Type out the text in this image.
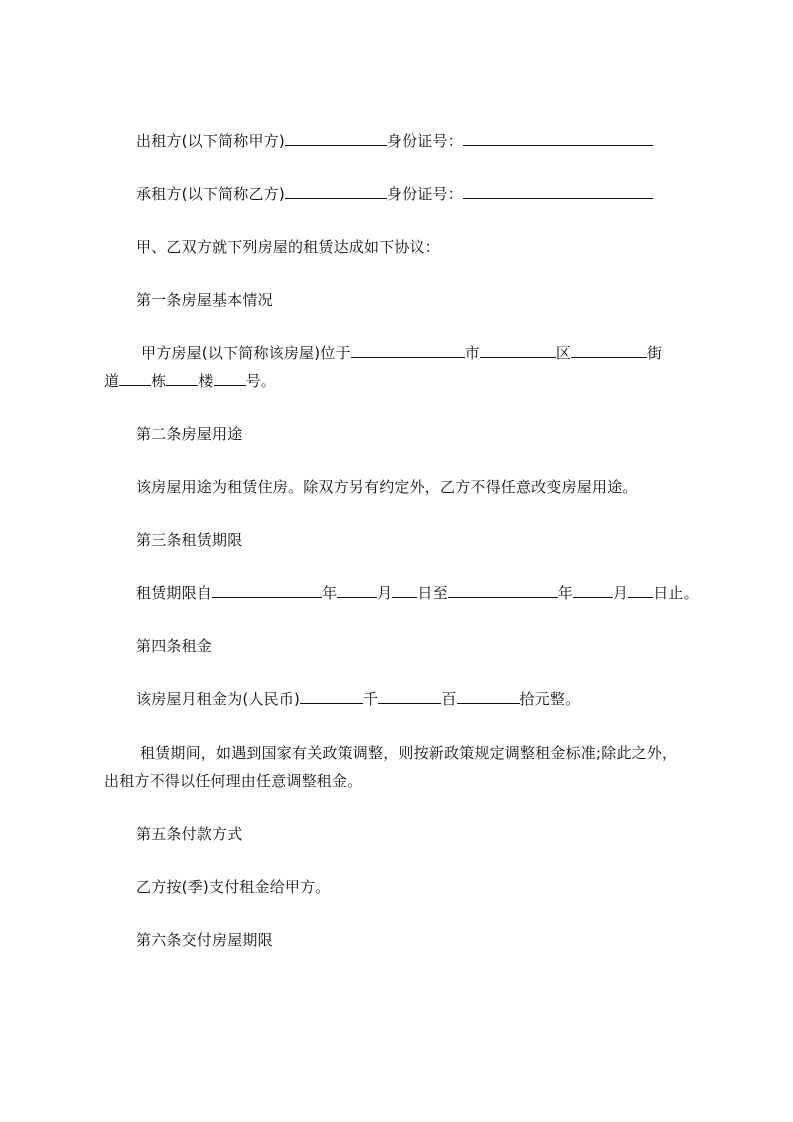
出租方(以下简称甲方)	身份证号：
承租方(以下简称乙方)	身份证号：
甲、乙双方就下列房屋的租赁达成如下协议：
第一条房屋基本情况
甲方房屋(以下简称该房屋)位于	市	区	街
道 栋 楼 号。
第二条房屋用途
该房屋用途为租赁住房。除双方另有约定外，乙方不得任意改变房屋用途。
第三条租赁期限
租赁期限自	年	月 日至	年	月 日止。
第四条租金
该房屋月租金为(人民币)	千	百	拾元整。
租赁期间，如遇到国家有关政策调整，则按新政策规定调整租金标准;除此之外，
出租方不得以任何理由任意调整租金。
第五条付款方式
乙方按(季)支付租金给甲方。
第六条交付房屋期限
